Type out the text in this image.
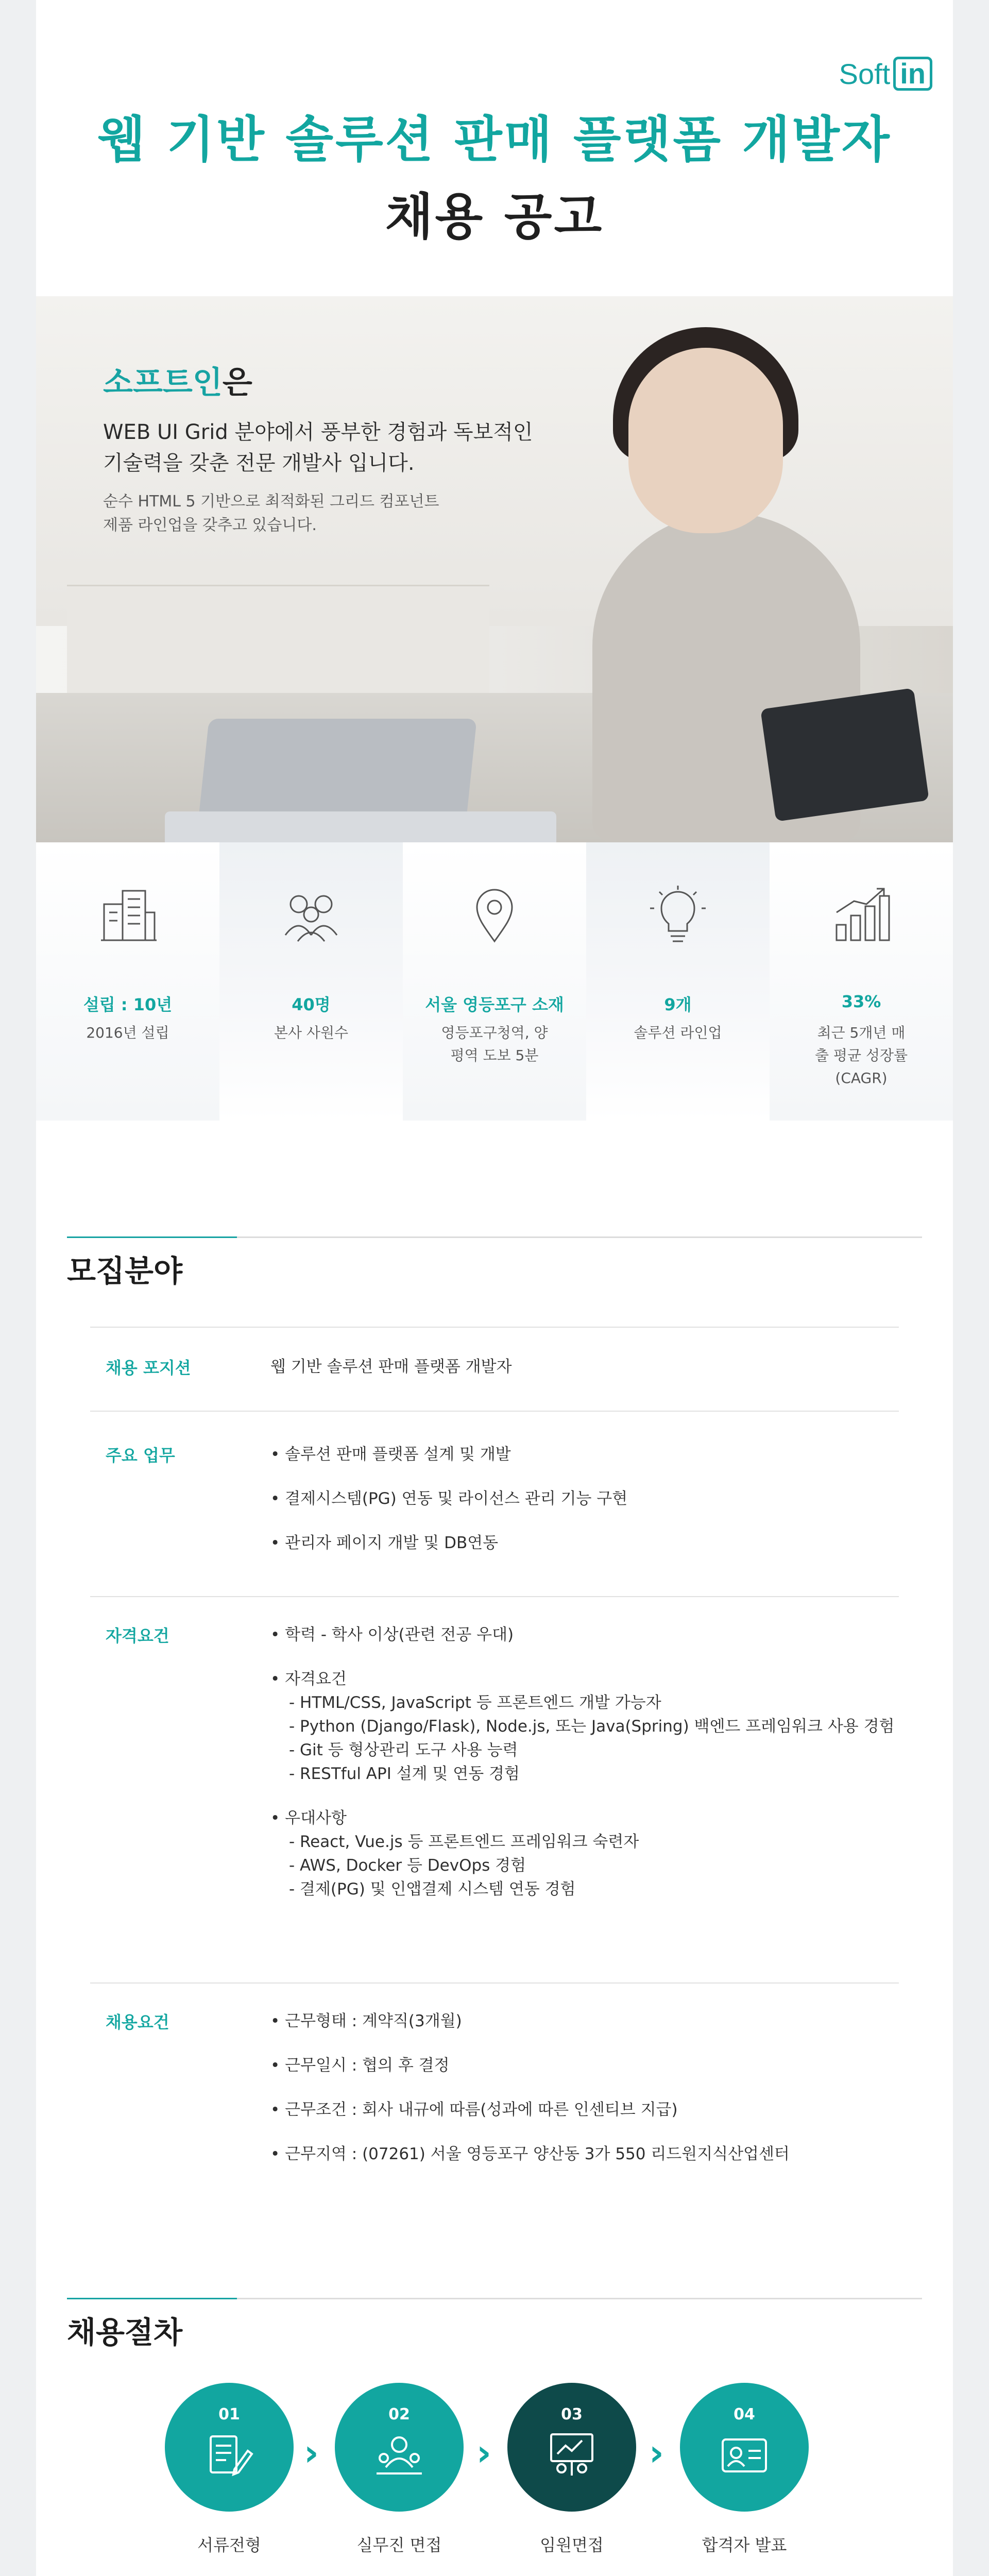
Soft in
웹 기반 솔루션 판매 플랫폼 개발자
채용 공고
소프트인은
WEB UI Grid 분야에서 풍부한 경험과 독보적인
기술력을 갖춘 전문 개발사 입니다.
순수 HTML 5 기반으로 최적화된 그리드 컴포넌트
제품 라인업을 갖추고 있습니다.
설립 : 10년
2016년 설립
40명
본사 사원수
서울 영등포구 소재
영등포구청역, 양평역 도보 5분
9개
솔루션 라인업
33%
최근 5개년 매출 평균 성장률 (CAGR)
모집분야
채용 포지션	웹 기반 솔루션 판매 플랫폼 개발자
주요 업무	• 솔루션 판매 플랫폼 설계 및 개발
• 결제시스템(PG) 연동 및 라이선스 관리 기능 구현
• 관리자 페이지 개발 및 DB연동
자격요건	• 학력 - 학사 이상(관련 전공 우대)
• 자격요건
- HTML/CSS, JavaScript 등 프론트엔드 개발 가능자
- Python (Django/Flask), Node.js, 또는 Java(Spring) 백엔드 프레임워크 사용 경험
- Git 등 형상관리 도구 사용 능력
- RESTful API 설계 및 연동 경험
• 우대사항
- React, Vue.js 등 프론트엔드 프레임워크 숙련자
- AWS, Docker 등 DevOps 경험
- 결제(PG) 및 인앱결제 시스템 연동 경험
채용요건	• 근무형태 : 계약직(3개월)
• 근무일시 : 협의 후 결정
• 근무조건 : 회사 내규에 따름(성과에 따른 인센티브 지급)
• 근무지역 : (07261) 서울 영등포구 양산동 3가 550 리드원지식산업센터
채용절차
01
서류전형
›
02
실무진 면접
›
03
임원면접
›
04
합격자 발표
